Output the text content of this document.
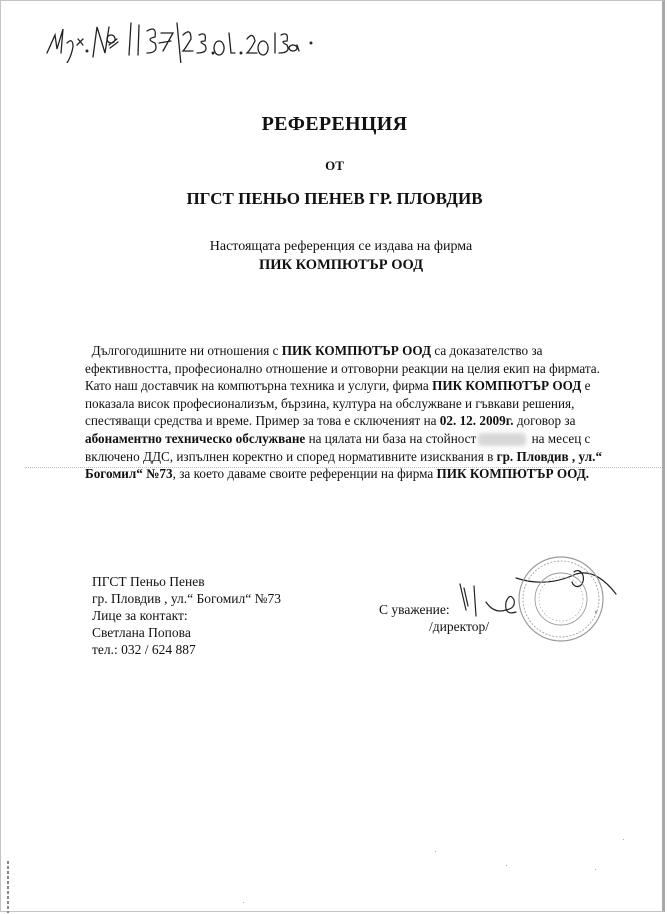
РЕФЕРЕНЦИЯ
ОТ
ПГСТ ПЕНЬО ПЕНЕВ ГР. ПЛОВДИВ
Настоящата референция се издава на фирма
ПИК КОМПЮТЪР ООД
Дългогодишните ни отношения с ПИК КОМПЮТЪР ООД са доказателство за
ефективността, професионално отношение и отговорни реакции на целия екип на фирмата.
Като наш доставчик на компютърна техника и услуги, фирма ПИК КОМПЮТЪР ООД е
показала висок професионализъм, бързина, култура на обслужване и гъвкави решения,
спестяващи средства и време. Пример за това е сключеният на 02. 12. 2009г. договор за
абонаментно техническо обслужване на цялата ни база на стойност	на месец с
включено ДДС, изпълнен коректно и според нормативните изисквания в гр. Пловдив , ул.“
Богомил“ №73, за което даваме своите референции на фирма ПИК КОМПЮТЪР ООД.
ПГСТ Пеньо Пенев
гр. Пловдив , ул.“ Богомил“ №73
Лице за контакт:
Светлана Попова
тел.: 032 / 624 887
С уважение:
/директор/
